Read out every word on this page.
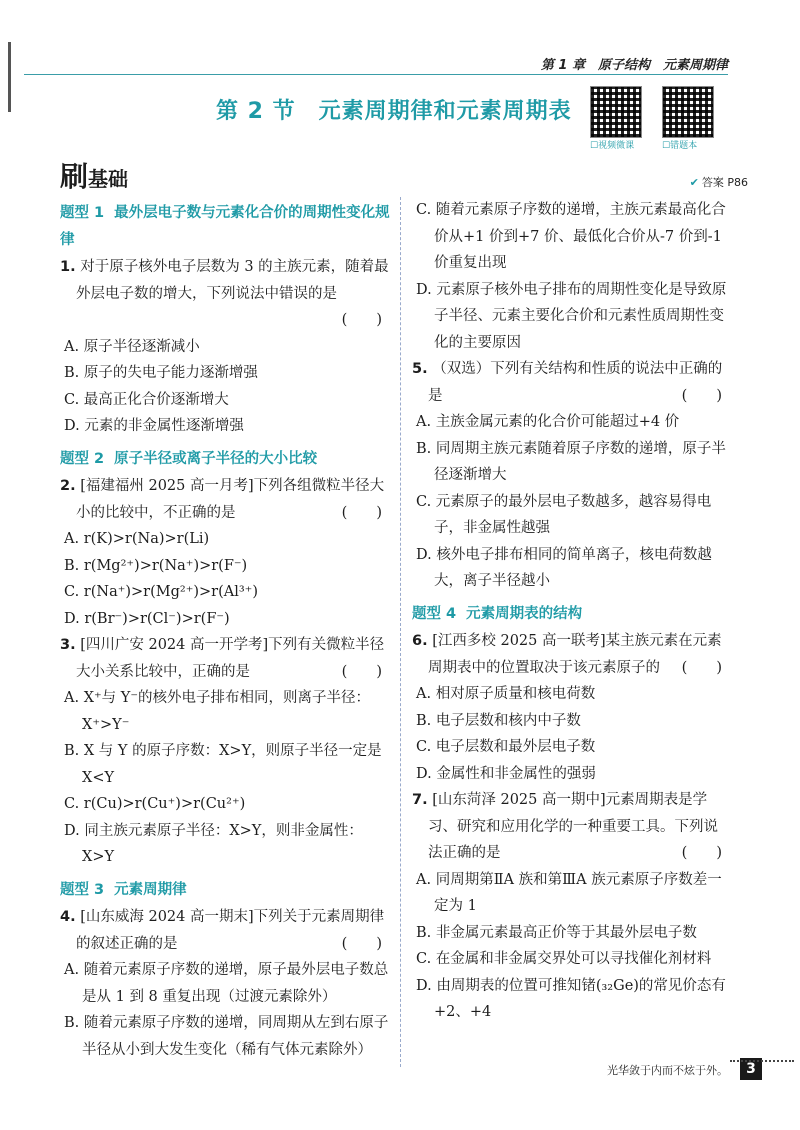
第 1 章　原子结构　元素周期律
第 2 节　元素周期律和元素周期表
☐视频微课	☐错题本
刷基础	✔ 答案 P86
题型 1 最外层电子数与元素化合价的周期性变化规律
1. 对于原子核外电子层数为 3 的主族元素，随着最外层电子数的增大，下列说法中错误的是
(　　)
A. 原子半径逐渐减小
B. 原子的失电子能力逐渐增强
C. 最高正化合价逐渐增大
D. 元素的非金属性逐渐增强
题型 2 原子半径或离子半径的大小比较
2. [福建福州 2025 高一月考]下列各组微粒半径大小的比较中，不正确的是	(　　)
A. r(K)>r(Na)>r(Li)
B. r(Mg²⁺)>r(Na⁺)>r(F⁻)
C. r(Na⁺)>r(Mg²⁺)>r(Al³⁺)
D. r(Br⁻)>r(Cl⁻)>r(F⁻)
3. [四川广安 2024 高一开学考]下列有关微粒半径大小关系比较中，正确的是	(　　)
A. X⁺与 Y⁻的核外电子排布相同，则离子半径：X⁺>Y⁻
B. X 与 Y 的原子序数：X>Y，则原子半径一定是 X<Y
C. r(Cu)>r(Cu⁺)>r(Cu²⁺)
D. 同主族元素原子半径：X>Y，则非金属性：X>Y
题型 3 元素周期律
4. [山东威海 2024 高一期末]下列关于元素周期律的叙述正确的是	(　　)
A. 随着元素原子序数的递增，原子最外层电子数总是从 1 到 8 重复出现（过渡元素除外）
B. 随着元素原子序数的递增，同周期从左到右原子半径从小到大发生变化（稀有气体元素除外）
C. 随着元素原子序数的递增，主族元素最高化合价从+1 价到+7 价、最低化合价从-7 价到-1 价重复出现
D. 元素原子核外电子排布的周期性变化是导致原子半径、元素主要化合价和元素性质周期性变化的主要原因
5. （双选）下列有关结构和性质的说法中正确的是	(　　)
A. 主族金属元素的化合价可能超过+4 价
B. 同周期主族元素随着原子序数的递增，原子半径逐渐增大
C. 元素原子的最外层电子数越多，越容易得电子，非金属性越强
D. 核外电子排布相同的简单离子，核电荷数越大，离子半径越小
题型 4 元素周期表的结构
6. [江西多校 2025 高一联考]某主族元素在元素周期表中的位置取决于该元素原子的 (　　)
A. 相对原子质量和核电荷数
B. 电子层数和核内中子数
C. 电子层数和最外层电子数
D. 金属性和非金属性的强弱
7. [山东菏泽 2025 高一期中]元素周期表是学习、研究和应用化学的一种重要工具。下列说法正确的是	(　　)
A. 同周期第ⅡA 族和第ⅢA 族元素原子序数差一定为 1
B. 非金属元素最高正价等于其最外层电子数
C. 在金属和非金属交界处可以寻找催化剂材料
D. 由周期表的位置可推知锗(₃₂Ge)的常见价态有+2、+4
光华敛于内而不炫于外。	3
